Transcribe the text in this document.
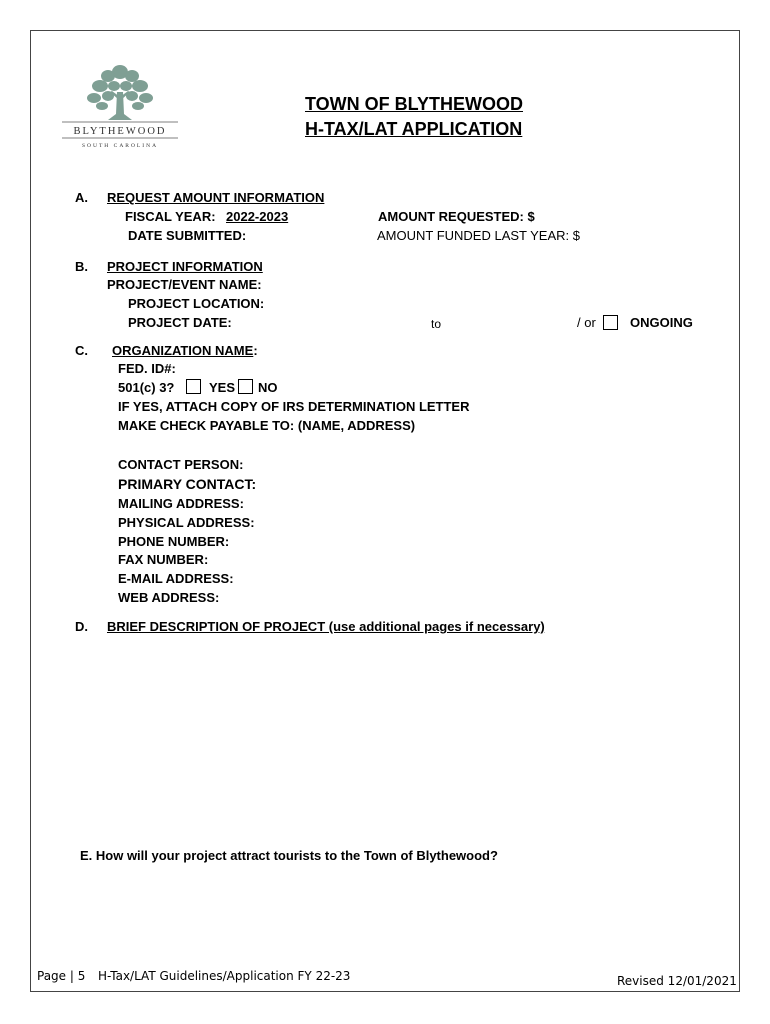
BLYTHEWOOD
SOUTH CAROLINA
TOWN OF BLYTHEWOOD
H-TAX/LAT APPLICATION
A. REQUEST AMOUNT INFORMATION
FISCAL YEAR: 2022-2023
DATE SUBMITTED:
AMOUNT REQUESTED: $
AMOUNT FUNDED LAST YEAR: $
B. PROJECT INFORMATION
PROJECT/EVENT NAME:
PROJECT LOCATION:
PROJECT DATE:	to	/ or	ONGOING
C. ORGANIZATION NAME:
FED. ID#:
501(c) 3?	YES NO
IF YES, ATTACH COPY OF IRS DETERMINATION LETTER
MAKE CHECK PAYABLE TO: (NAME, ADDRESS)
CONTACT PERSON:
PRIMARY CONTACT:
MAILING ADDRESS:
PHYSICAL ADDRESS:
PHONE NUMBER:
FAX NUMBER:
E-MAIL ADDRESS:
WEB ADDRESS:
D. BRIEF DESCRIPTION OF PROJECT (use additional pages if necessary)
E. How will your project attract tourists to the Town of Blythewood?
Page | 5 H-Tax/LAT Guidelines/Application FY 22-23	Revised 12/01/2021
